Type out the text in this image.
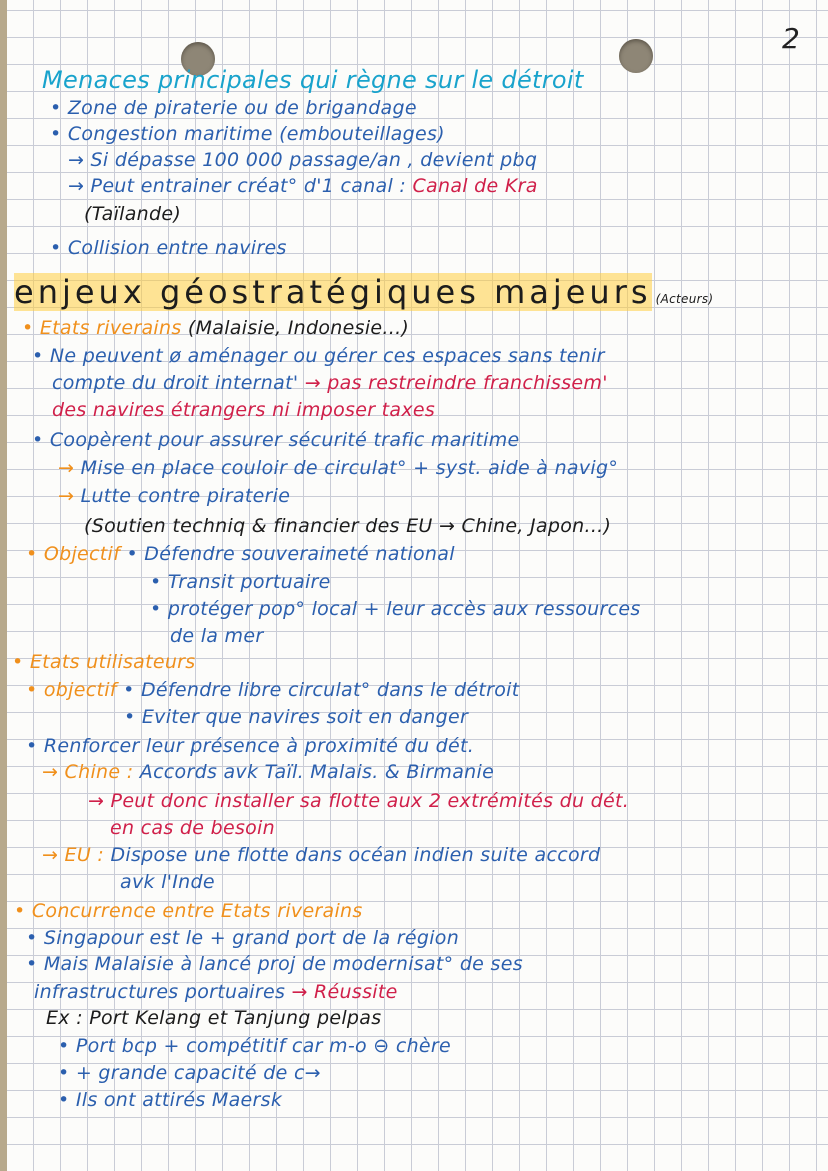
2
Menaces principales qui règne sur le détroit
• Zone de piraterie ou de brigandage
• Congestion maritime (embouteillages)
→ Si dépasse 100 000 passage/an , devient pbq
→ Peut entrainer créat° d'1 canal : Canal de Kra
(Taïlande)
• Collision entre navires
enjeux géostratégiques majeurs (Acteurs)
• Etats riverains (Malaisie, Indonesie...)
• Ne peuvent ø aménager ou gérer ces espaces sans tenir
compte du droit internat' → pas restreindre franchissem'
des navires étrangers ni imposer taxes
• Coopèrent pour assurer sécurité trafic maritime
→ Mise en place couloir de circulat° + syst. aide à navig°
→ Lutte contre piraterie
(Soutien techniq & financier des EU → Chine, Japon...)
• Objectif • Défendre souveraineté national
• Transit portuaire
• protéger pop° local + leur accès aux ressources
de la mer
• Etats utilisateurs
• objectif • Défendre libre circulat° dans le détroit
• Eviter que navires soit en danger
• Renforcer leur présence à proximité du dét.
→ Chine : Accords avk Taïl. Malais. & Birmanie
→ Peut donc installer sa flotte aux 2 extrémités du dét.
en cas de besoin
→ EU : Dispose une flotte dans océan indien suite accord
avk l'Inde
• Concurrence entre Etats riverains
• Singapour est le + grand port de la région
• Mais Malaisie à lancé proj de modernisat° de ses
infrastructures portuaires → Réussite
Ex : Port Kelang et Tanjung pelpas
• Port bcp + compétitif car m-o ⊖ chère
• + grande capacité de c→
• Ils ont attirés Maersk
